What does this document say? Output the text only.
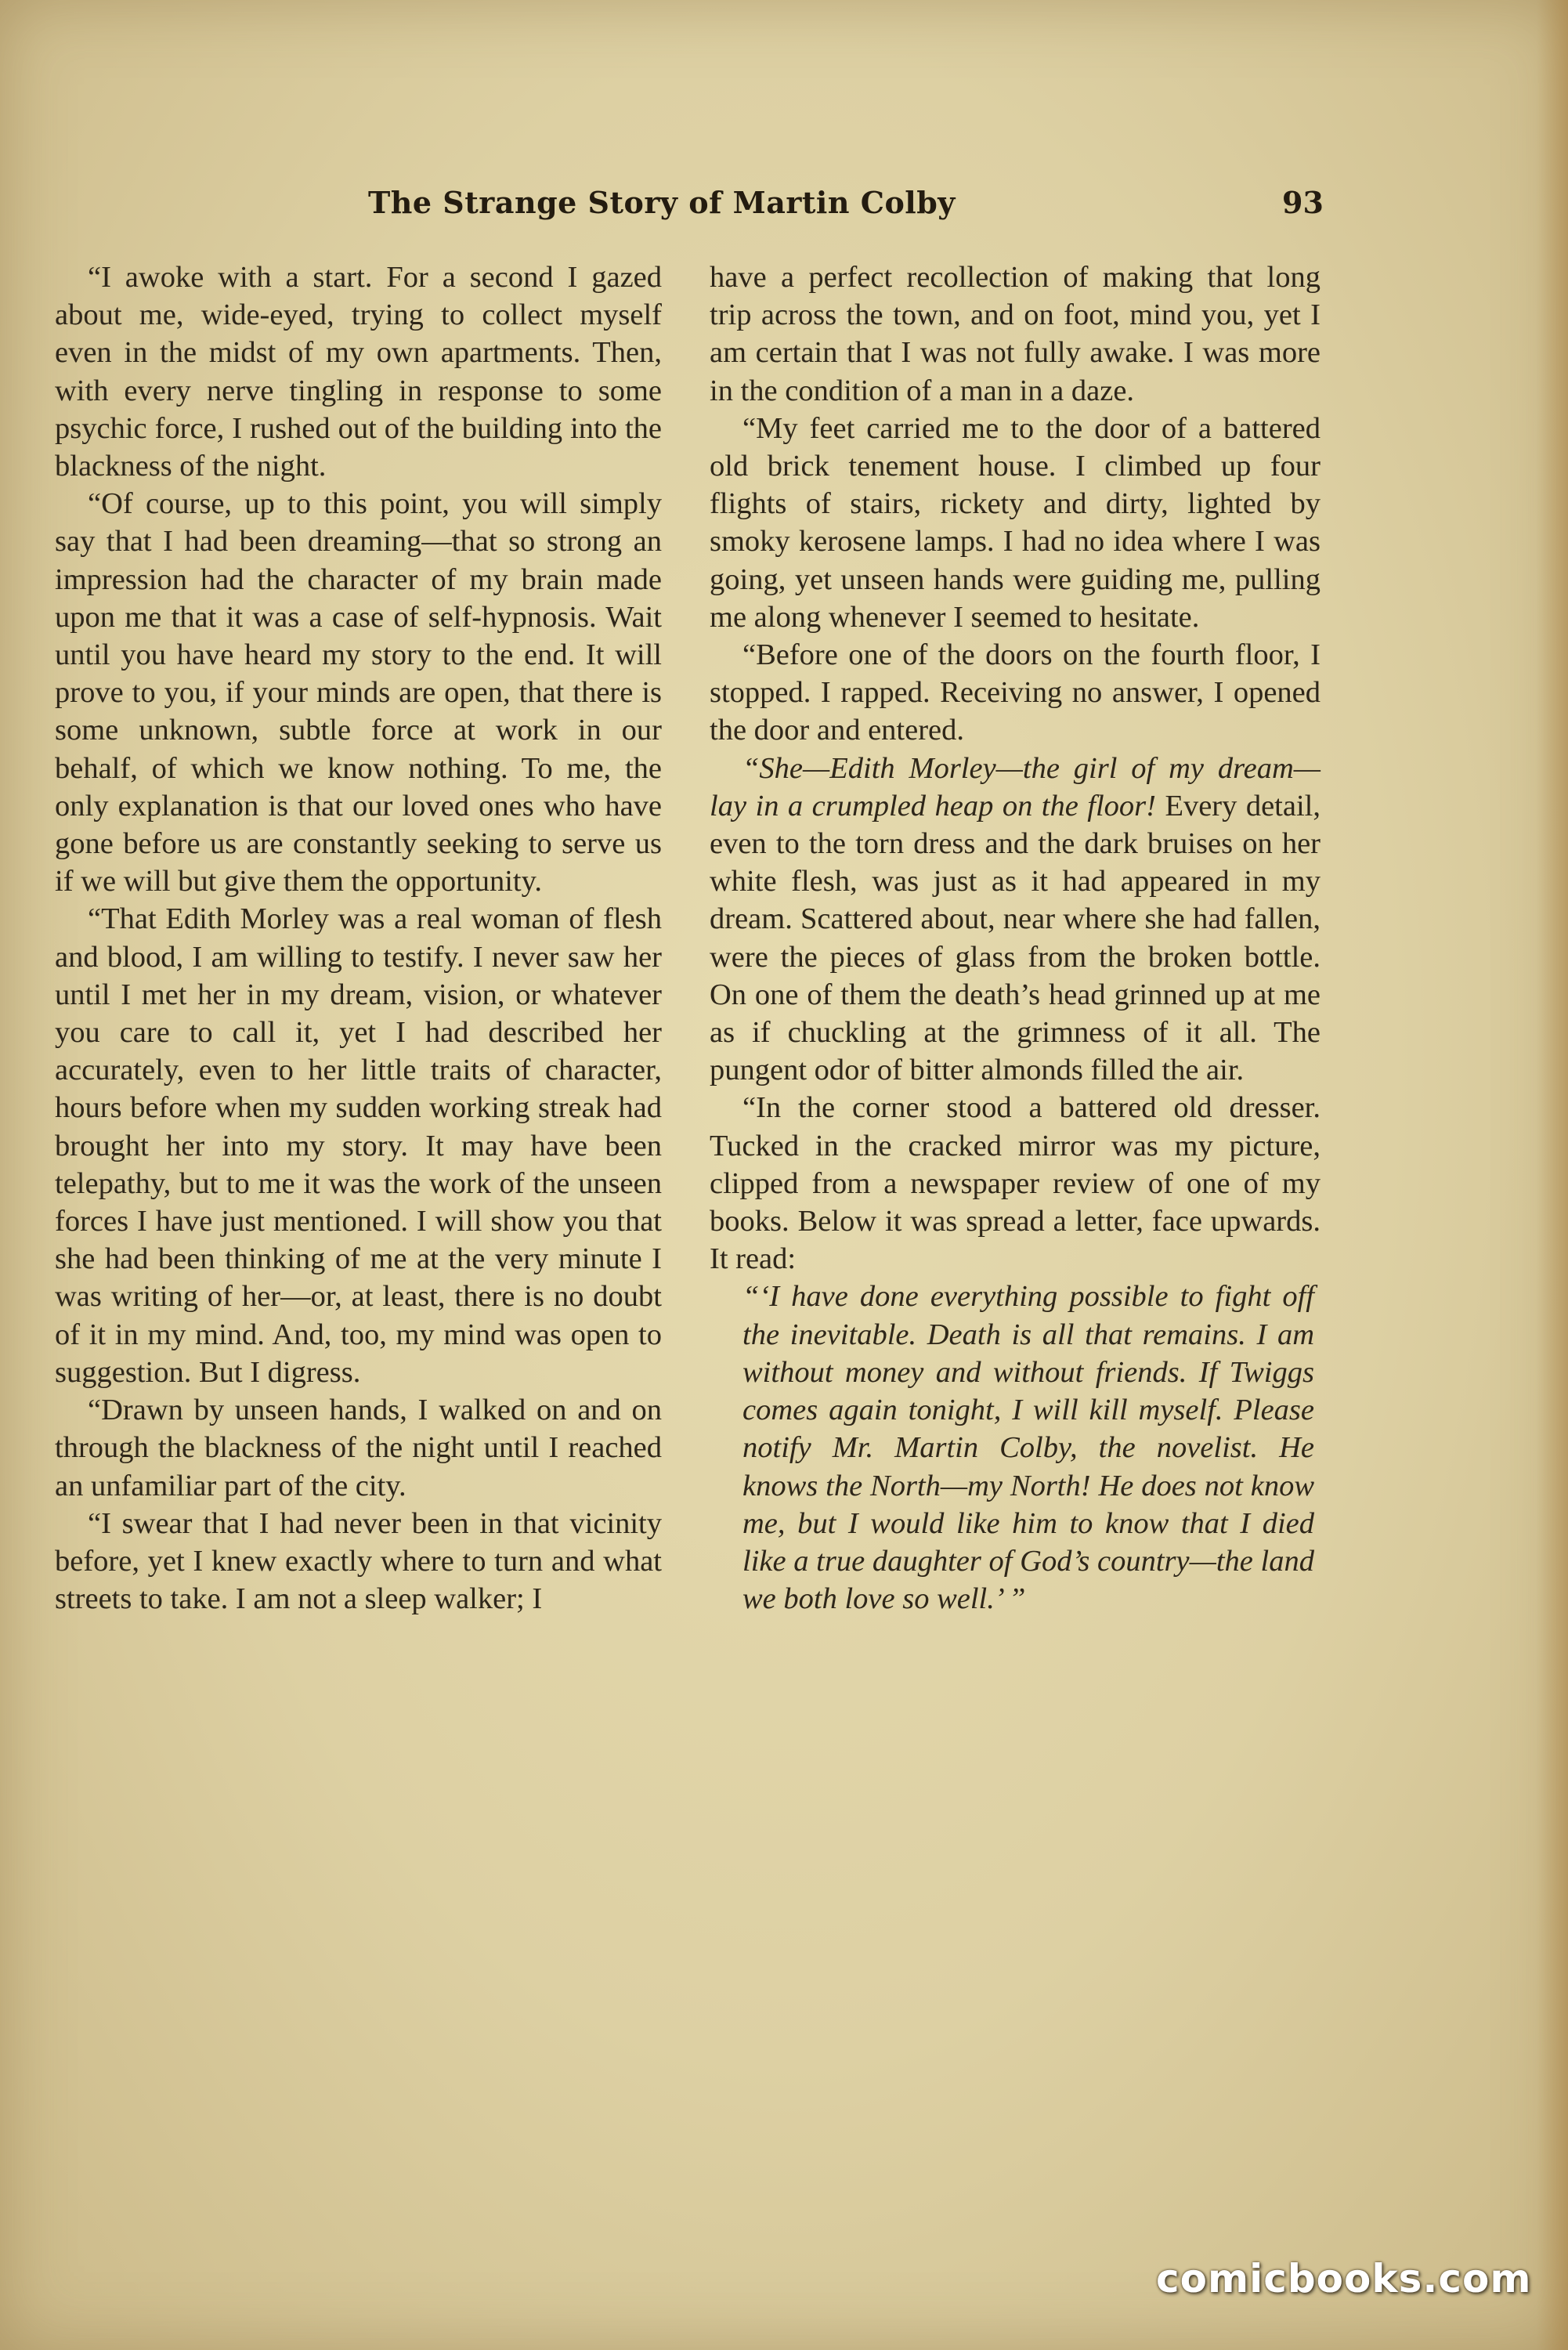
The Strange Story of Martin Colby	93

“I awoke with a start. For a second I gazed about me, wide-eyed, trying to collect myself even in the midst of my own apartments. Then, with every nerve tingling in response to some psychic force, I rushed out of the building into the blackness of the night.

“Of course, up to this point, you will simply say that I had been dreaming—that so strong an impression had the character of my brain made upon me that it was a case of self-hypnosis. Wait until you have heard my story to the end. It will prove to you, if your minds are open, that there is some unknown, subtle force at work in our behalf, of which we know nothing. To me, the only explanation is that our loved ones who have gone before us are constantly seeking to serve us if we will but give them the opportunity.

“That Edith Morley was a real woman of flesh and blood, I am willing to testify. I never saw her until I met her in my dream, vision, or whatever you care to call it, yet I had described her accurately, even to her little traits of character, hours before when my sudden working streak had brought her into my story. It may have been telepathy, but to me it was the work of the unseen forces I have just mentioned. I will show you that she had been thinking of me at the very minute I was writing of her—or, at least, there is no doubt of it in my mind. And, too, my mind was open to suggestion. But I digress.

“Drawn by unseen hands, I walked on and on through the blackness of the night until I reached an unfamiliar part of the city.

“I swear that I had never been in that vicinity before, yet I knew exactly where to turn and what streets to take. I am not a sleep walker; I

have a perfect recollection of making that long trip across the town, and on foot, mind you, yet I am certain that I was not fully awake. I was more in the condition of a man in a daze.

“My feet carried me to the door of a battered old brick tenement house. I climbed up four flights of stairs, rickety and dirty, lighted by smoky kerosene lamps. I had no idea where I was going, yet unseen hands were guiding me, pulling me along whenever I seemed to hesitate.

“Before one of the doors on the fourth floor, I stopped. I rapped. Receiving no answer, I opened the door and entered.

“She—Edith Morley—the girl of my dream—lay in a crumpled heap on the floor! Every detail, even to the torn dress and the dark bruises on her white flesh, was just as it had appeared in my dream. Scattered about, near where she had fallen, were the pieces of glass from the broken bottle. On one of them the death’s head grinned up at me as if chuckling at the grimness of it all. The pungent odor of bitter almonds filled the air.

“In the corner stood a battered old dresser. Tucked in the cracked mirror was my picture, clipped from a newspaper review of one of my books. Below it was spread a letter, face upwards. It read:

“‘I have done everything possible to fight off the inevitable. Death is all that remains. I am without money and without friends. If Twiggs comes again tonight, I will kill myself. Please notify Mr. Martin Colby, the novelist. He knows the North—my North! He does not know me, but I would like him to know that I died like a true daughter of God’s country—the land we both love so well.’ ”

comicbooks.com
